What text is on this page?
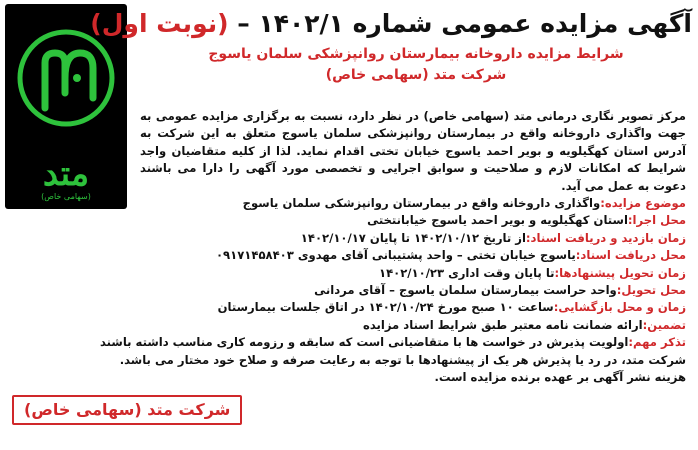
متد
(سهامی خاص)
آگهی مزایده عمومی شماره ۱۴۰۲/۱ – (نوبت اول)
شرایط مزایده داروخانه بیمارستان روانپزشکی سلمان یاسوج
شرکت متد (سهامی خاص)

مرکز تصویر نگاری درمانی متد (سهامی خاص) در نظر دارد، نسبت به برگزاری مزایده عمومی به جهت واگذاری داروخانه واقع در بیمارستان روانپزشکی سلمان یاسوج متعلق به این شرکت به آدرس استان کهگیلویه و بویر احمد یاسوج خیابان تختی اقدام نماید. لذا از کلیه متقاضیان واجد شرایط که امکانات لازم و صلاحیت و سوابق اجرایی و تخصصی مورد آگهی را دارا می باشند دعوت به عمل می آید.

موضوع مزایده:واگذاری داروخانه واقع در بیمارستان روانپزشکی سلمان یاسوج
محل اجرا:استان کهگیلویه و بویر احمد یاسوج خیابانتختی
زمان بازدید و دریافت اسناد:از تاریخ ۱۴۰۲/۱۰/۱۲ تا پایان ۱۴۰۲/۱۰/۱۷
محل دریافت اسناد:یاسوج خیابان تختی – واحد پشتیبانی آقای مهدوی ۰۹۱۷۱۴۵۸۴۰۳
زمان تحویل پیشنهادها:تا پایان وقت اداری ۱۴۰۲/۱۰/۲۳
محل تحویل:واحد حراست بیمارستان سلمان یاسوج – آقای مردانی
زمان و محل بازگشایی:ساعت ۱۰ صبح مورخ ۱۴۰۲/۱۰/۲۴ در اتاق جلسات بیمارستان
تضمین:ارائه ضمانت نامه معتبر طبق شرایط اسناد مزایده
تذکر مهم:اولویت پذیرش در خواست ها با متقاضیانی است که سابقه و رزومه کاری مناسب داشته باشند
شرکت متد، در رد یا پذیرش هر یک از پیشنهادها با توجه به رعایت صرفه و صلاح خود مختار می باشد.
هزینه نشر آگهی بر عهده برنده مزایده است.
شرکت متد (سهامی خاص)
